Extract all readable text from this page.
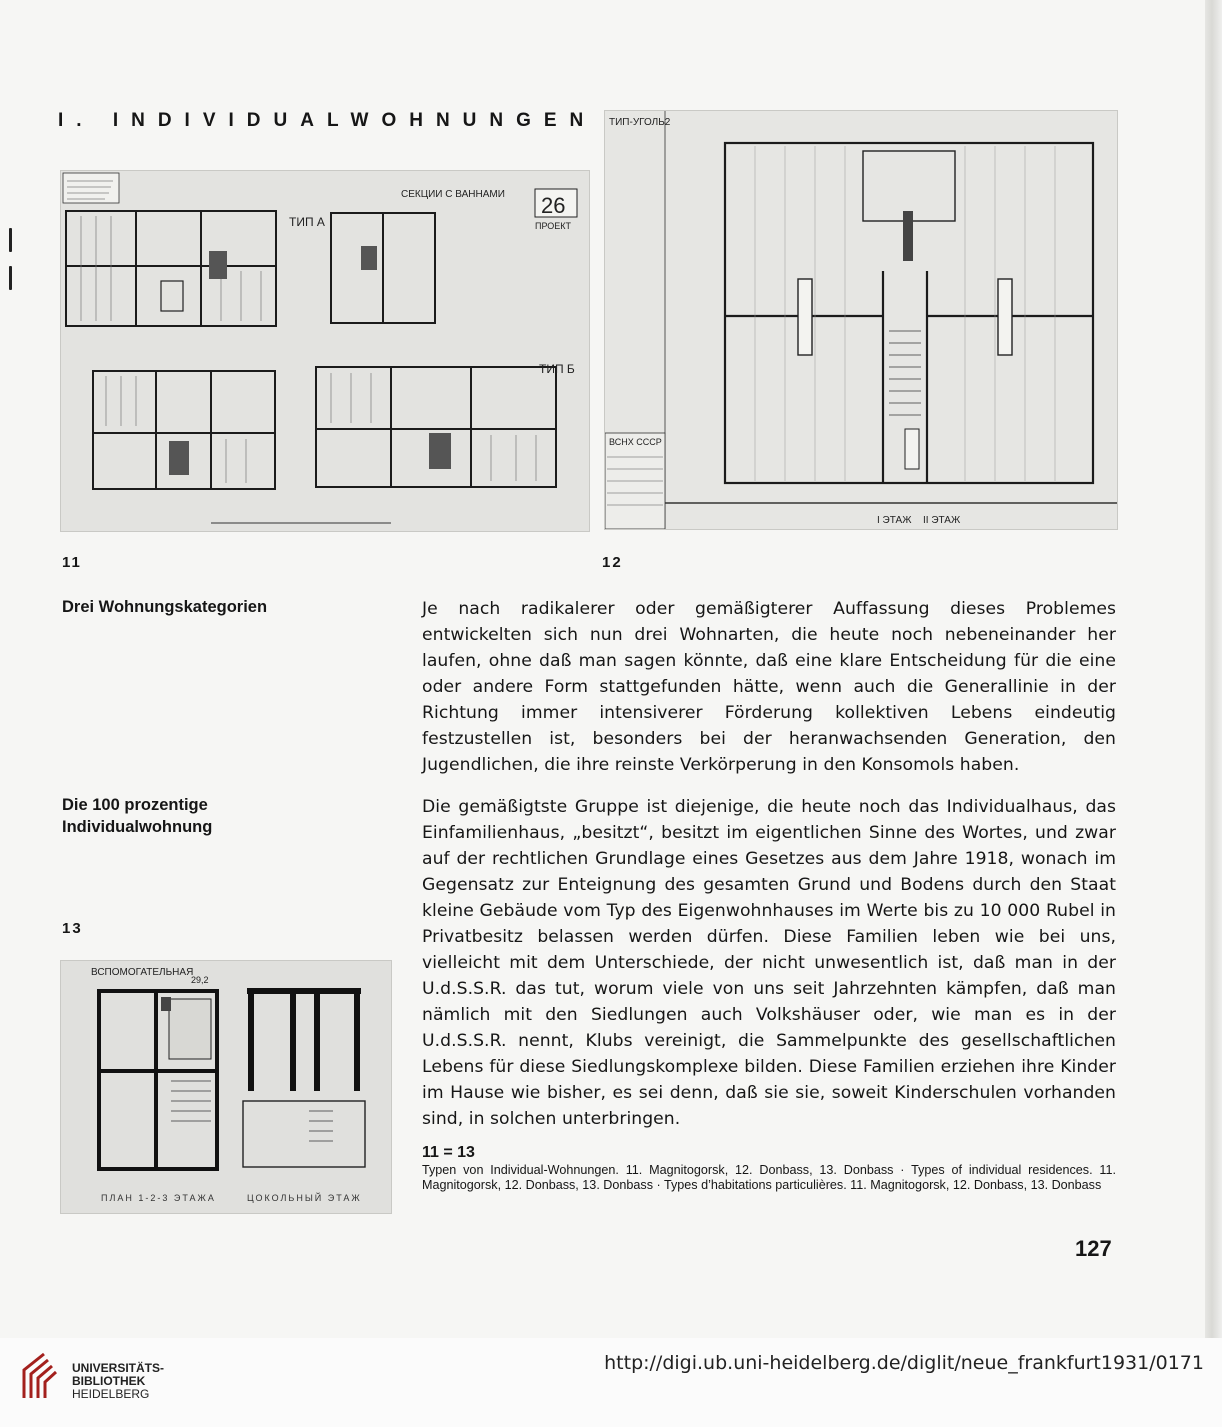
I. INDIVIDUALWOHNUNGEN
ТИП А
СЕКЦИИ С ВАННАМИ 26
ПРОЕКТ
ТИП Б
11
ТИП-УГОЛЬ2
ВСНХ СССР
I ЭТАЖ II ЭТАЖ
12
Drei Wohnungskategorien
Die 100 prozentige
Individualwohnung
13
ВСПОМОГАТЕЛЬНАЯ
29,2
ПЛАН 1-2-3 ЭТАЖА	ЦОКОЛЬНЫЙ ЭТАЖ
Je nach radikalerer oder gemäßigterer Auffassung dieses Problemes entwickelten sich nun drei Wohnarten, die heute noch nebeneinander her laufen, ohne daß man sagen könnte, daß eine klare Entscheidung für die eine oder andere Form stattgefunden hätte, wenn auch die Generallinie in der Richtung immer intensiverer Förderung kollektiven Lebens eindeutig festzustellen ist, besonders bei der heranwachsenden Generation, den Jugendlichen, die ihre reinste Verkörperung in den Konsomols haben.
Die gemäßigtste Gruppe ist diejenige, die heute noch das Individualhaus, das Einfamilienhaus, „besitzt“, besitzt im eigentlichen Sinne des Wortes, und zwar auf der rechtlichen Grundlage eines Gesetzes aus dem Jahre 1918, wonach im Gegensatz zur Enteignung des gesamten Grund und Bodens durch den Staat kleine Gebäude vom Typ des Eigenwohnhauses im Werte bis zu 10 000 Rubel in Privatbesitz belassen werden dürfen. Diese Familien leben wie bei uns, vielleicht mit dem Unterschiede, der nicht unwesentlich ist, daß man in der U.d.S.S.R. das tut, worum viele von uns seit Jahrzehnten kämpfen, daß man nämlich mit den Siedlungen auch Volkshäuser oder, wie man es in der U.d.S.S.R. nennt, Klubs vereinigt, die Sammelpunkte des gesellschaftlichen Lebens für diese Siedlungskomplexe bilden. Diese Familien erziehen ihre Kinder im Hause wie bisher, es sei denn, daß sie sie, soweit Kinderschulen vorhanden sind, in solchen unterbringen.
11 = 13
Typen von Individual-Wohnungen. 11. Magnitogorsk, 12. Donbass, 13. Donbass · Types of individual residences. 11. Magnitogorsk, 12. Donbass, 13. Donbass · Types d’habitations particulières. 11. Magnitogorsk, 12. Donbass, 13. Donbass
127
UNIVERSITÄTS-
BIBLIOTHEK
HEIDELBERG
http://digi.ub.uni-heidelberg.de/diglit/neue_frankfurt1931/0171
